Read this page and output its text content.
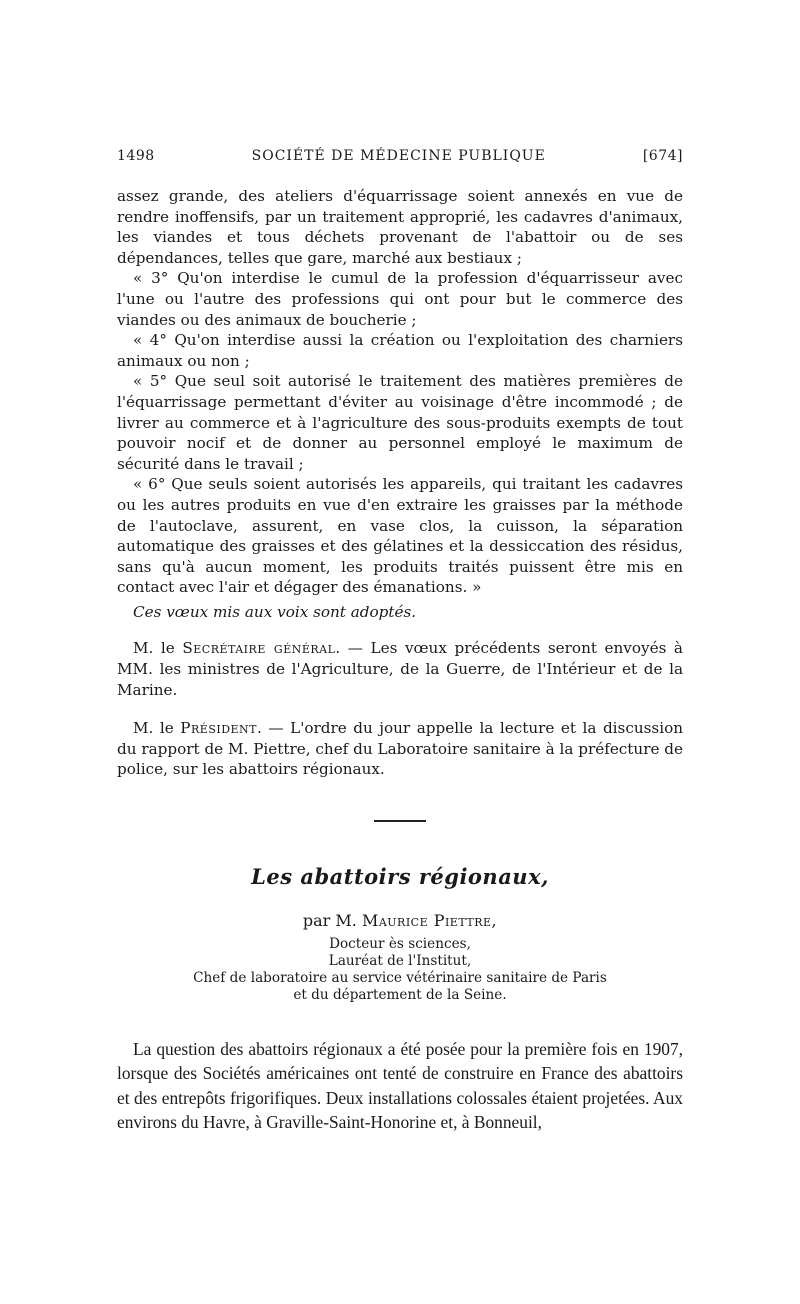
1498	SOCIÉTÉ DE MÉDECINE PUBLIQUE	[674]

assez grande, des ateliers d'équarrissage soient annexés en vue de rendre inoffensifs, par un traitement approprié, les cadavres d'animaux, les viandes et tous déchets provenant de l'abattoir ou de ses dépendances, telles que gare, marché aux bestiaux ;

« 3° Qu'on interdise le cumul de la profession d'équarrisseur avec l'une ou l'autre des professions qui ont pour but le commerce des viandes ou des animaux de boucherie ;

« 4° Qu'on interdise aussi la création ou l'exploitation des charniers animaux ou non ;

« 5° Que seul soit autorisé le traitement des matières premières de l'équarrissage permettant d'éviter au voisinage d'être incommodé ; de livrer au commerce et à l'agriculture des sous-produits exempts de tout pouvoir nocif et de donner au personnel employé le maximum de sécurité dans le travail ;

« 6° Que seuls soient autorisés les appareils, qui traitant les cadavres ou les autres produits en vue d'en extraire les graisses par la méthode de l'autoclave, assurent, en vase clos, la cuisson, la séparation automatique des graisses et des gélatines et la dessiccation des résidus, sans qu'à aucun moment, les produits traités puissent être mis en contact avec l'air et dégager des émanations. »

Ces vœux mis aux voix sont adoptés.

M. le Secrétaire général. — Les vœux précédents seront envoyés à MM. les ministres de l'Agriculture, de la Guerre, de l'Intérieur et de la Marine.

M. le Président. — L'ordre du jour appelle la lecture et la discussion du rapport de M. Piettre, chef du Laboratoire sanitaire à la préfecture de police, sur les abattoirs régionaux.

Les abattoirs régionaux,
par M. Maurice Piettre,
Docteur ès sciences,
Lauréat de l'Institut,
Chef de laboratoire au service vétérinaire sanitaire de Paris
et du département de la Seine.

La question des abattoirs régionaux a été posée pour la première fois en 1907, lorsque des Sociétés américaines ont tenté de construire en France des abattoirs et des entrepôts frigorifiques. Deux installations colossales étaient projetées. Aux environs du Havre, à Graville-Saint-Honorine et, à Bonneuil,
